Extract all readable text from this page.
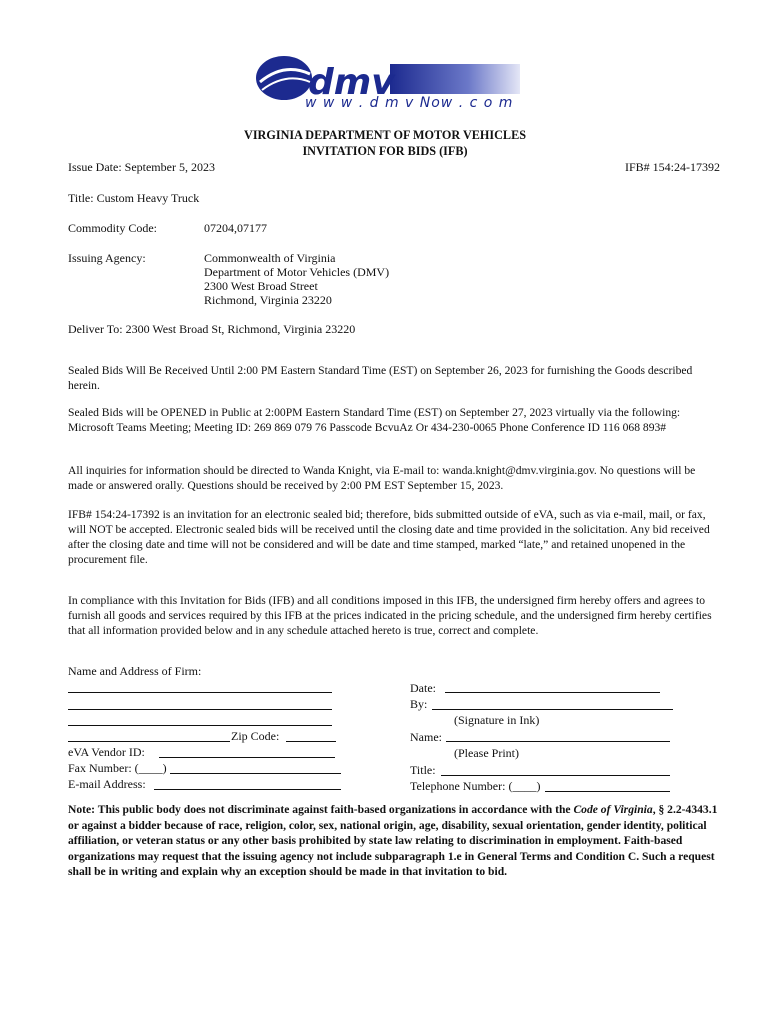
dmv
w w w . d m v Now . c o m
VIRGINIA DEPARTMENT OF MOTOR VEHICLES
INVITATION FOR BIDS (IFB)
Issue Date: September 5, 2023	IFB# 154:24-17392
Title: Custom Heavy Truck
Commodity Code:	07204,07177
Issuing Agency:	Commonwealth of Virginia
Department of Motor Vehicles (DMV)
2300 West Broad Street
Richmond, Virginia 23220
Deliver To: 2300 West Broad St, Richmond, Virginia 23220
Sealed Bids Will Be Received Until 2:00 PM Eastern Standard Time (EST) on September 26, 2023 for furnishing the Goods described herein.
Sealed Bids will be OPENED in Public at 2:00PM Eastern Standard Time (EST) on September 27, 2023 virtually via the following: Microsoft Teams Meeting; Meeting ID: 269 869 079 76 Passcode BcvuAz Or 434-230-0065 Phone Conference ID 116 068 893#
All inquiries for information should be directed to Wanda Knight, via E-mail to: wanda.knight@dmv.virginia.gov. No questions will be made or answered orally. Questions should be received by 2:00 PM EST September 15, 2023.
IFB# 154:24-17392 is an invitation for an electronic sealed bid; therefore, bids submitted outside of eVA, such as via e-mail, mail, or fax, will NOT be accepted. Electronic sealed bids will be received until the closing date and time provided in the solicitation. Any bid received after the closing date and time will not be considered and will be date and time stamped, marked “late,” and retained unopened in the procurement file.
In compliance with this Invitation for Bids (IFB) and all conditions imposed in this IFB, the undersigned firm hereby offers and agrees to furnish all goods and services required by this IFB at the prices indicated in the pricing schedule, and the undersigned firm hereby certifies that all information provided below and in any schedule attached hereto is true, correct and complete.
Name and Address of Firm:
Zip Code:
eVA Vendor ID:
Fax Number: (____)
E-mail Address:
Date:
By:
(Signature in Ink)
Name:
(Please Print)
Title:
Telephone Number: (____)
Note: This public body does not discriminate against faith-based organizations in accordance with the Code of Virginia, § 2.2-4343.1 or against a bidder because of race, religion, color, sex, national origin, age, disability, sexual orientation, gender identity, political affiliation, or veteran status or any other basis prohibited by state law relating to discrimination in employment. Faith-based organizations may request that the issuing agency not include subparagraph 1.e in General Terms and Condition C. Such a request shall be in writing and explain why an exception should be made in that invitation to bid.
